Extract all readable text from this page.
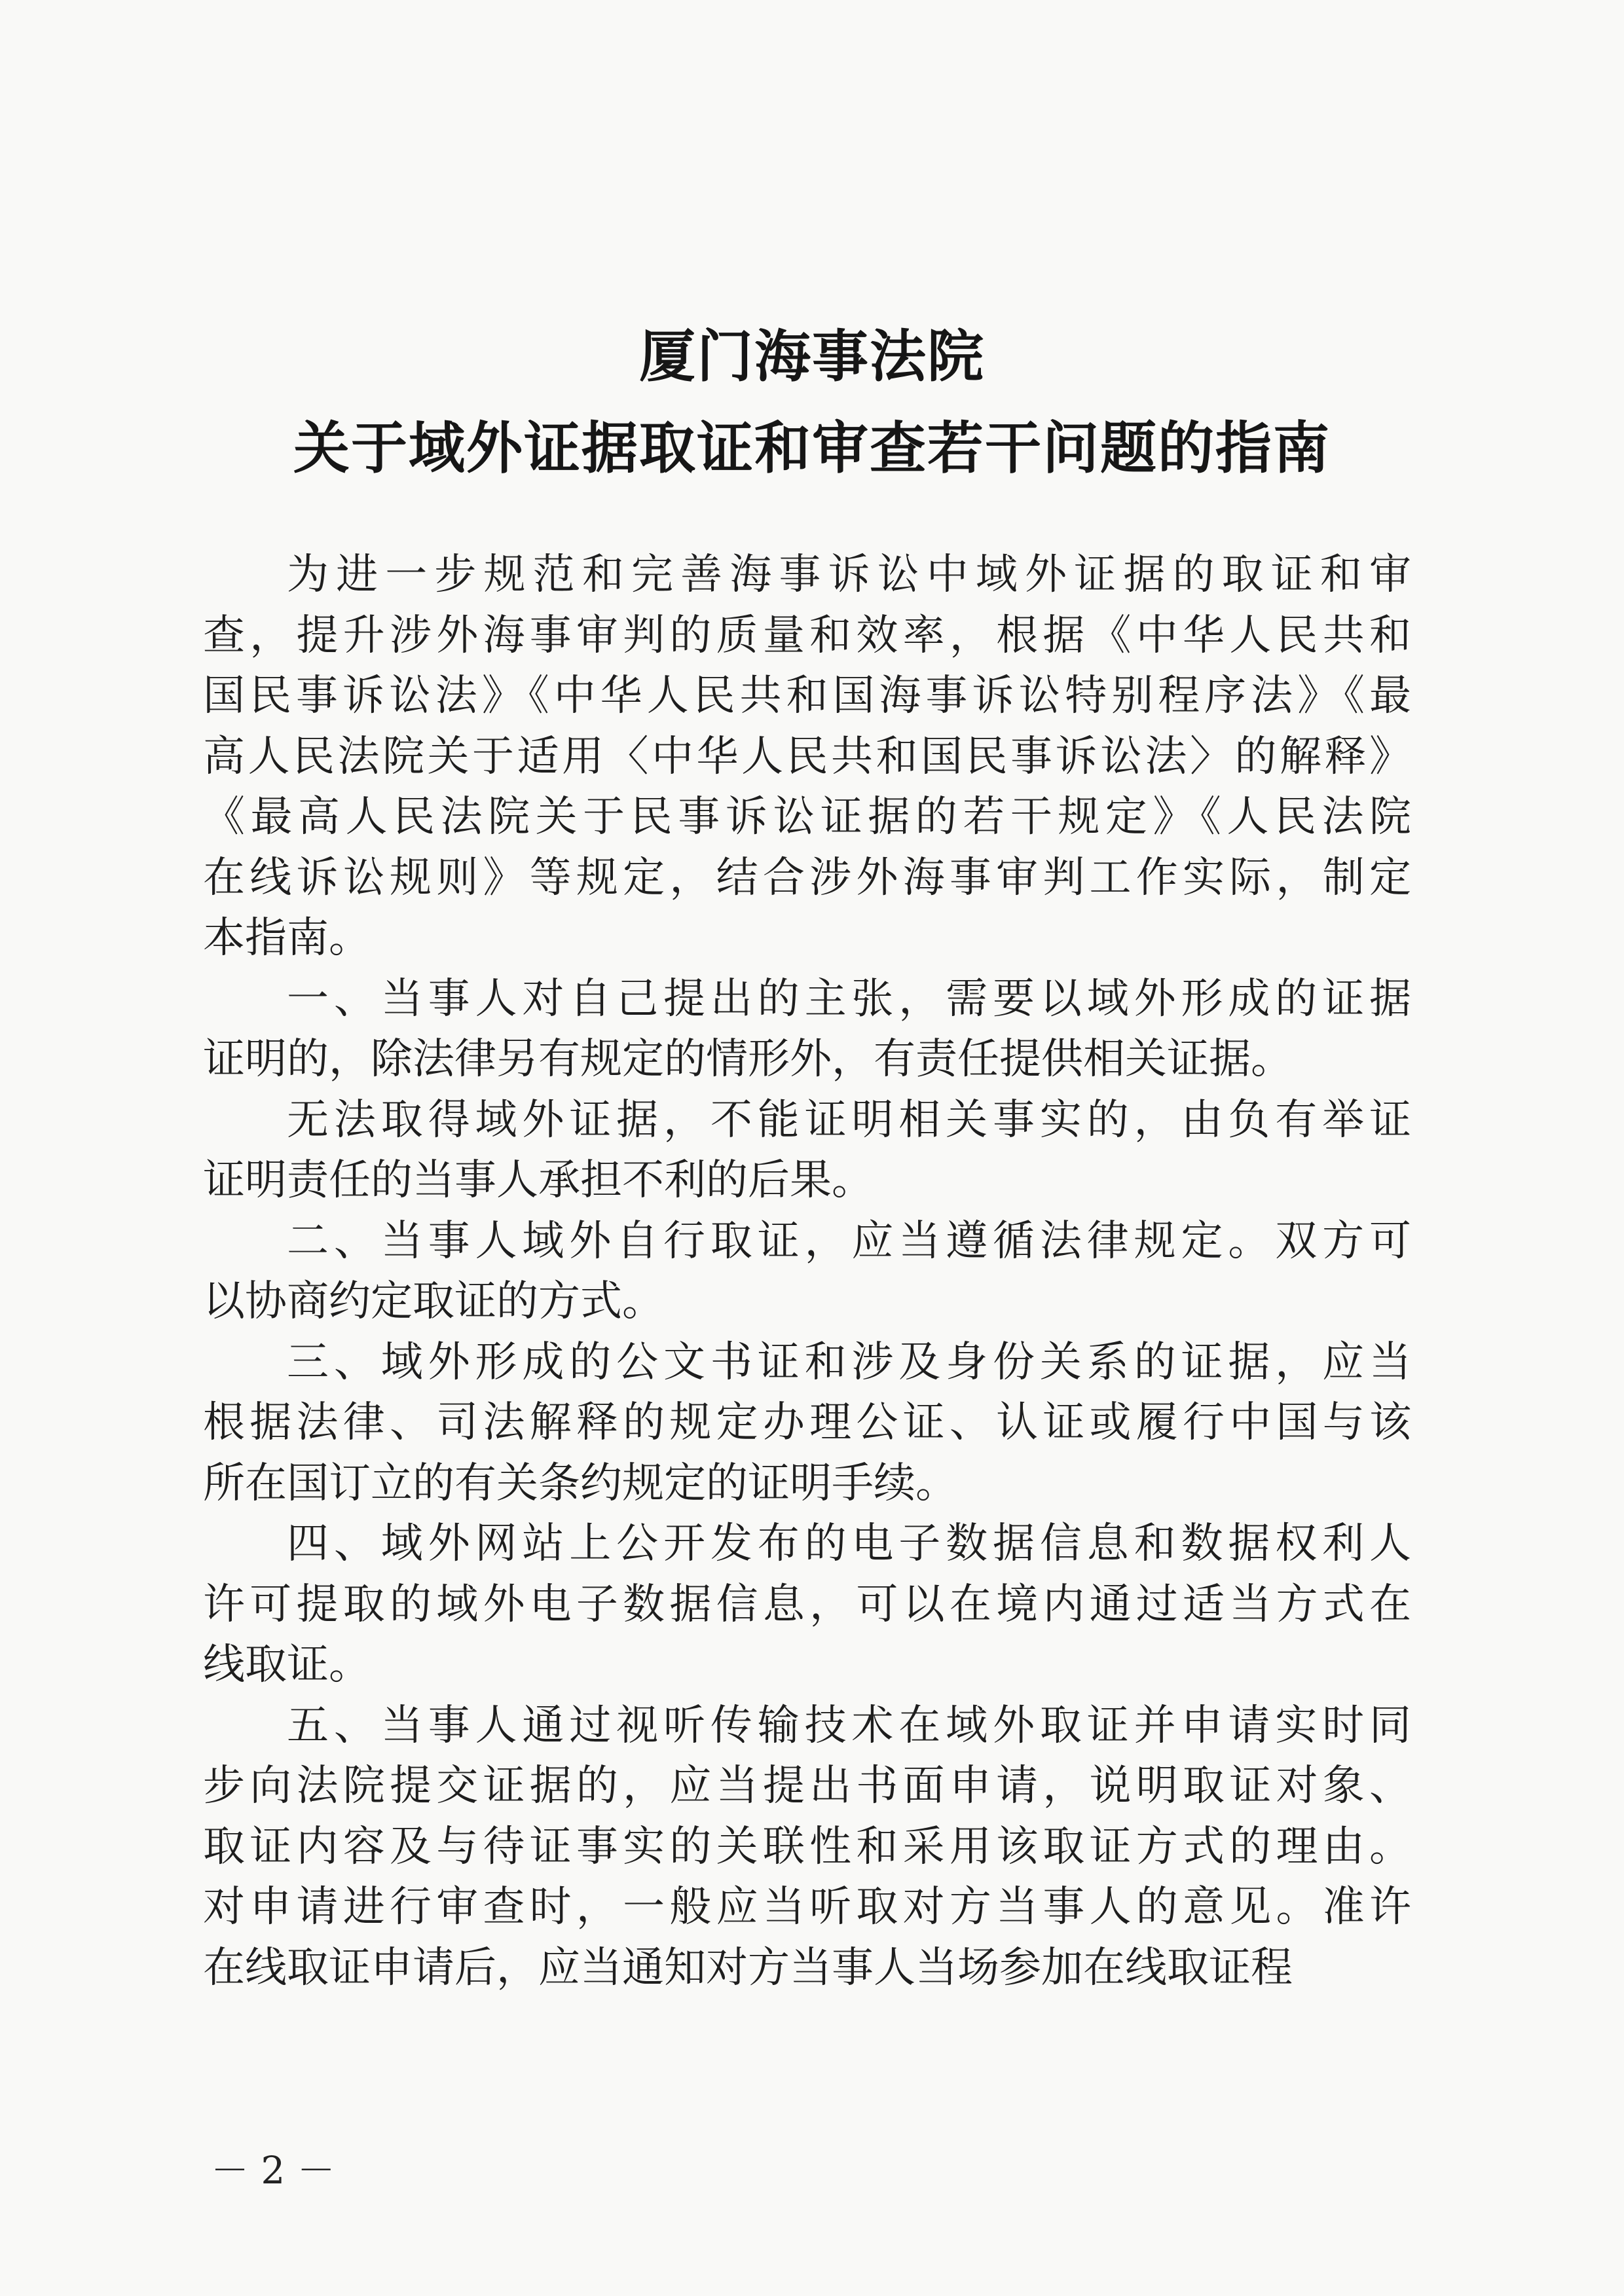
厦门海事法院
关于域外证据取证和审查若干问题的指南
为进一步规范和完善海事诉讼中域外证据的取证和审
查，提升涉外海事审判的质量和效率，根据《中华人民共和
国民事诉讼法》《中华人民共和国海事诉讼特别程序法》《最
高人民法院关于适用〈中华人民共和国民事诉讼法〉的解释》
《最高人民法院关于民事诉讼证据的若干规定》《人民法院
在线诉讼规则》等规定，结合涉外海事审判工作实际，制定
本指南。
一、当事人对自己提出的主张，需要以域外形成的证据
证明的，除法律另有规定的情形外，有责任提供相关证据。
无法取得域外证据，不能证明相关事实的，由负有举证
证明责任的当事人承担不利的后果。
二、当事人域外自行取证，应当遵循法律规定。双方可
以协商约定取证的方式。
三、域外形成的公文书证和涉及身份关系的证据，应当
根据法律、司法解释的规定办理公证、认证或履行中国与该
所在国订立的有关条约规定的证明手续。
四、域外网站上公开发布的电子数据信息和数据权利人
许可提取的域外电子数据信息，可以在境内通过适当方式在
线取证。
五、当事人通过视听传输技术在域外取证并申请实时同
步向法院提交证据的，应当提出书面申请，说明取证对象、
取证内容及与待证事实的关联性和采用该取证方式的理由。
对申请进行审查时，一般应当听取对方当事人的意见。准许
在线取证申请后，应当通知对方当事人当场参加在线取证程
－ 2 －
